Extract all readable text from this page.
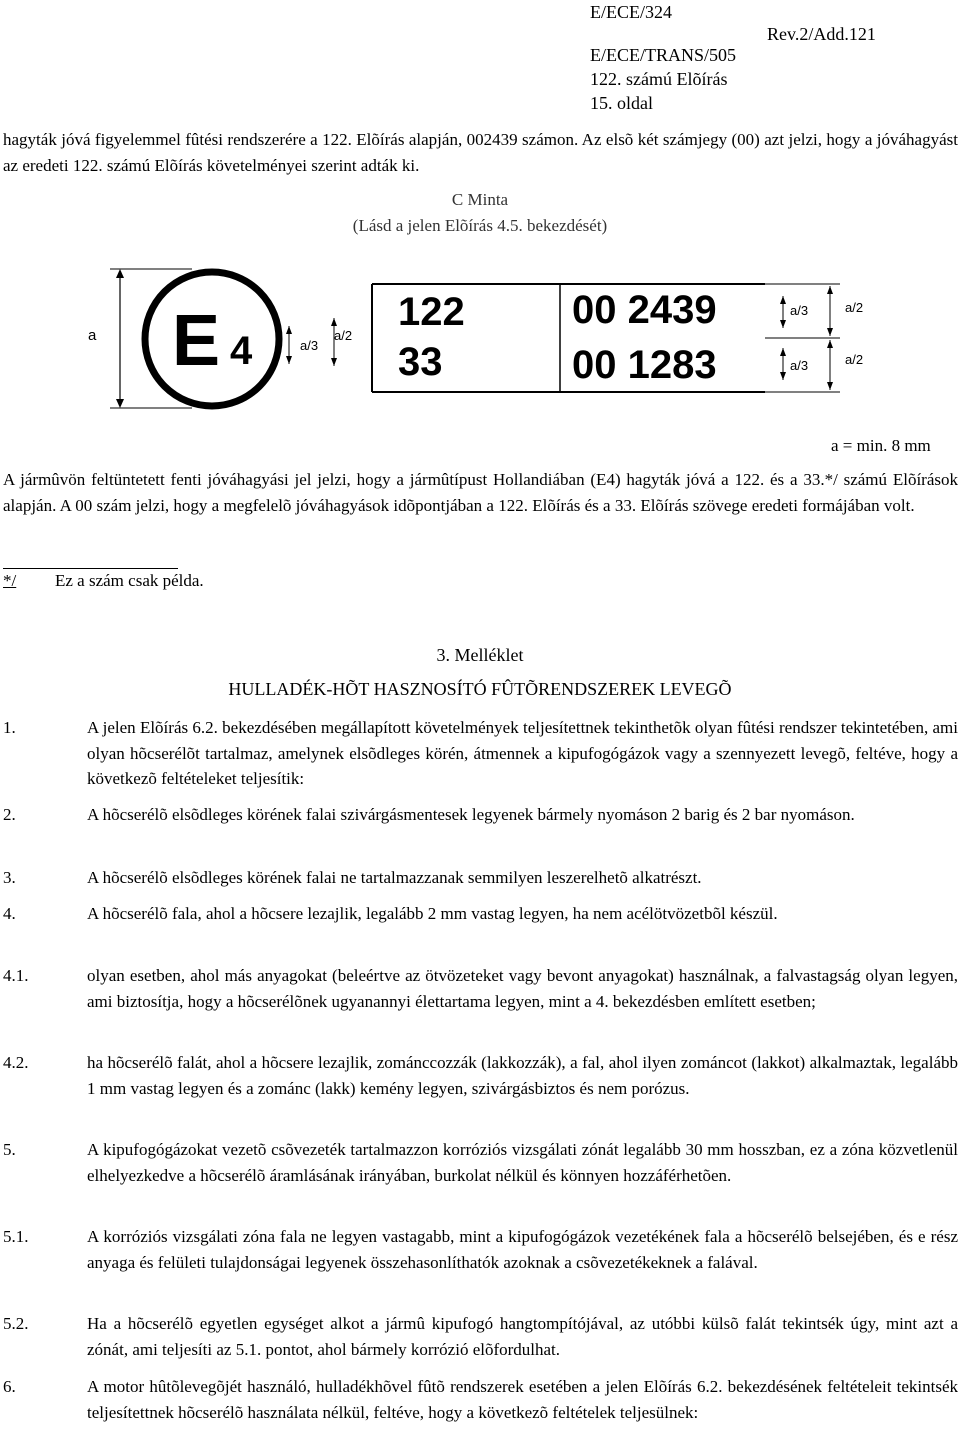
E/ECE/324
Rev.2/Add.121
E/ECE/TRANS/505
122. számú Elõírás
15. oldal
hagyták jóvá figyelemmel fûtési rendszerére a 122. Elõírás alapján, 002439 számon. Az elsõ két számjegy (00) azt jelzi, hogy a jóváhagyást az eredeti 122. számú Elõírás követelményei szerint adták ki.
C Minta
(Lásd a jelen Elõírás 4.5. bekezdését)
a E 4	a/3
a/2
122	00 2439
33	00 1283
a/3
a/3
a/2
a/2
a = min. 8 mm
A jármûvön feltüntetett fenti jóváhagyási jel jelzi, hogy a jármûtípust Hollandiában (E4) hagyták jóvá a 122. és a 33.*/ számú Elõírások alapján. A 00 szám jelzi, hogy a megfelelõ jóváhagyások idõpontjában a 122. Elõírás és a 33. Elõírás szövege eredeti formájában volt.
*/ Ez a szám csak példa.
3. Melléklet
HULLADÉK-HÕT HASZNOSÍTÓ FÛTÕRENDSZEREK LEVEGÕ
1.	A jelen Elõírás 6.2. bekezdésében megállapított követelmények teljesítettnek tekinthetõk olyan fûtési rendszer tekintetében, ami olyan hõcserélõt tartalmaz, amelynek elsõdleges körén, átmennek a kipufogógázok vagy a szennyezett levegõ, feltéve, hogy a következõ feltételeket teljesítik:
2.	A hõcserélõ elsõdleges körének falai szivárgásmentesek legyenek bármely nyomáson 2 barig és 2 bar nyomáson.
3.	A hõcserélõ elsõdleges körének falai ne tartalmazzanak semmilyen leszerelhetõ alkatrészt.
4.	A hõcserélõ fala, ahol a hõcsere lezajlik, legalább 2 mm vastag legyen, ha nem acélötvözetbõl készül.
4.1.	olyan esetben, ahol más anyagokat (beleértve az ötvözeteket vagy bevont anyagokat) használnak, a falvastagság olyan legyen, ami biztosítja, hogy a hõcserélõnek ugyanannyi élettartama legyen, mint a 4. bekezdésben említett esetben;
4.2.	ha hõcserélõ falát, ahol a hõcsere lezajlik, zománccozzák (lakkozzák), a fal, ahol ilyen zománcot (lakkot) alkalmaztak, legalább 1 mm vastag legyen és a zománc (lakk) kemény legyen, szivárgásbiztos és nem porózus.
5.	A kipufogógázokat vezetõ csõvezeték tartalmazzon korróziós vizsgálati zónát legalább 30 mm hosszban, ez a zóna közvetlenül elhelyezkedve a hõcserélõ áramlásának irányában, burkolat nélkül és könnyen hozzáférhetõen.
5.1.	A korróziós vizsgálati zóna fala ne legyen vastagabb, mint a kipufogógázok vezetékének fala a hõcserélõ belsejében, és e rész anyaga és felületi tulajdonságai legyenek összehasonlíthatók azoknak a csõvezetékeknek a falával.
5.2.	Ha a hõcserélõ egyetlen egységet alkot a jármû kipufogó hangtompítójával, az utóbbi külsõ falát tekintsék úgy, mint azt a zónát, ami teljesíti az 5.1. pontot, ahol bármely korrózió elõfordulhat.
6.	A motor hûtõlevegõjét használó, hulladékhõvel fûtõ rendszerek esetében a jelen Elõírás 6.2. bekezdésének feltételeit tekintsék teljesítettnek hõcserélõ használata nélkül, feltéve, hogy a következõ feltételek teljesülnek:
